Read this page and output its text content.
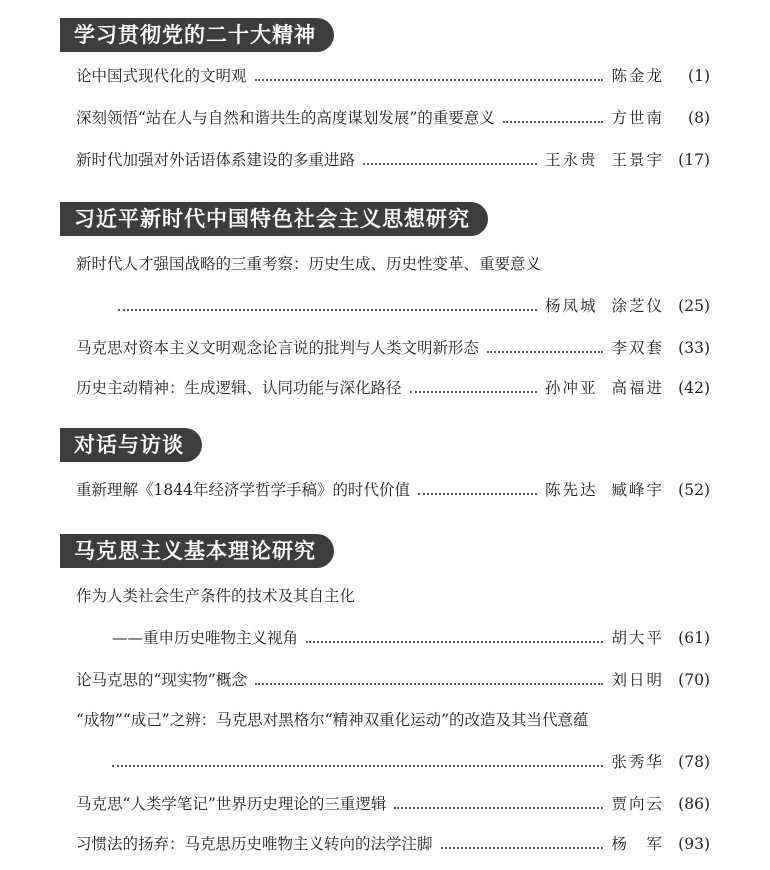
学习贯彻党的二十大精神
论中国式现代化的文明观	陈金龙	(1)
深刻领悟“站在人与自然和谐共生的高度谋划发展”的重要意义	方世南	(8)
新时代加强对外话语体系建设的多重进路	王永贵 王景宇 (17)
习近平新时代中国特色社会主义思想研究
新时代人才强国战略的三重考察：历史生成、历史性变革、重要意义
杨凤城 涂芝仪 (25)
马克思对资本主义文明观念论言说的批判与人类文明新形态	李双套 (33)
历史主动精神：生成逻辑、认同功能与深化路径	孙冲亚 高福进 (42)
对话与访谈
重新理解《1844年经济学哲学手稿》的时代价值	陈先达 臧峰宇 (52)
马克思主义基本理论研究
作为人类社会生产条件的技术及其自主化
——重申历史唯物主义视角	胡大平 (61)
论马克思的“现实物”概念	刘日明 (70)
“成物”“成己”之辨：马克思对黑格尔“精神双重化运动”的改造及其当代意蕴
张秀华 (78)
马克思“人类学笔记”世界历史理论的三重逻辑	贾向云 (86)
习惯法的扬弃：马克思历史唯物主义转向的法学注脚	杨　军 (93)
